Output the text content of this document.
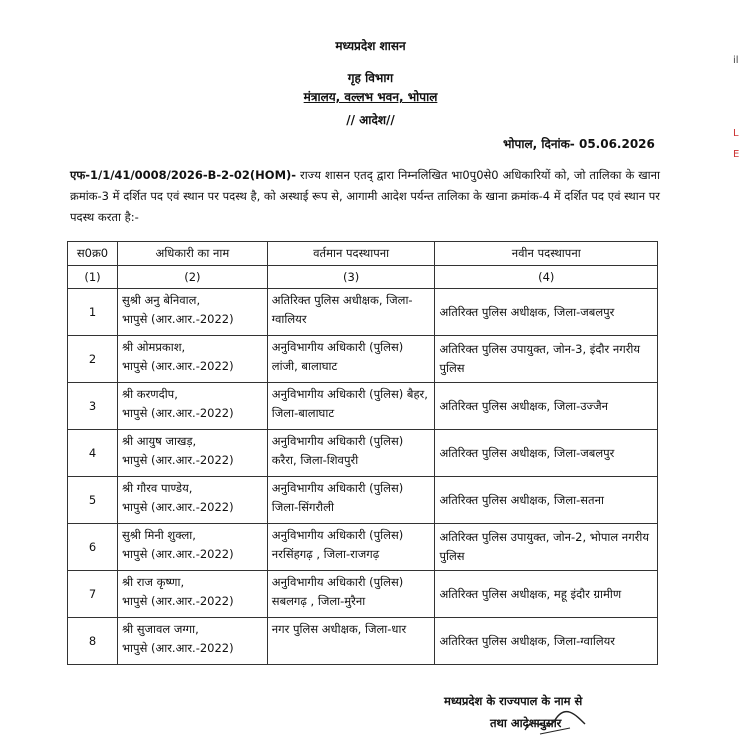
मध्यप्रदेश शासन
गृह विभाग
मंत्रालय, वल्लभ भवन, भोपाल
// आदेश//
भोपाल, दिनांक- 05.06.2026
il
L
E
एफ-1/1/41/0008/2026-B-2-02(HOM)- राज्य शासन एतद् द्वारा निम्नलिखित भा0पु0से0 अधिकारियों को, जो तालिका के खाना क्रमांक-3 में दर्शित पद एवं स्थान पर पदस्थ है, को अस्थाई रूप से, आगामी आदेश पर्यन्त तालिका के खाना क्रमांक-4 में दर्शित पद एवं स्थान पर पदस्थ करता है:-
स0क्र0	अधिकारी का नाम	वर्तमान पदस्थापना	नवीन पदस्थापना
(1)	(2)	(3)	(4)
1	सुश्री अनु बेनिवाल,
भापुसे (आर.आर.-2022)	अतिरिक्त पुलिस अधीक्षक, जिला-ग्वालियर	अतिरिक्त पुलिस अधीक्षक, जिला-जबलपुर
2	श्री ओमप्रकाश,
भापुसे (आर.आर.-2022)	अनुविभागीय अधिकारी (पुलिस) लांजी, बालाघाट	अतिरिक्त पुलिस उपायुक्त, जोन-3, इंदौर नगरीय पुलिस
3	श्री करणदीप,
भापुसे (आर.आर.-2022)	अनुविभागीय अधिकारी (पुलिस) बैहर, जिला-बालाघाट	अतिरिक्त पुलिस अधीक्षक, जिला-उज्जैन
4	श्री आयुष जाखड़,
भापुसे (आर.आर.-2022)	अनुविभागीय अधिकारी (पुलिस) करैरा, जिला-शिवपुरी	अतिरिक्त पुलिस अधीक्षक, जिला-जबलपुर
5	श्री गौरव पाण्डेय,
भापुसे (आर.आर.-2022)	अनुविभागीय अधिकारी (पुलिस) जिला-सिंगरौली	अतिरिक्त पुलिस अधीक्षक, जिला-सतना
6	सुश्री मिनी शुक्ला,
भापुसे (आर.आर.-2022)	अनुविभागीय अधिकारी (पुलिस) नरसिंहगढ़ , जिला-राजगढ़	अतिरिक्त पुलिस उपायुक्त, जोन-2, भोपाल नगरीय पुलिस
7	श्री राज कृष्णा,
भापुसे (आर.आर.-2022)	अनुविभागीय अधिकारी (पुलिस) सबलगढ़ , जिला-मुरैना	अतिरिक्त पुलिस अधीक्षक, महू इंदौर ग्रामीण
8	श्री सुजावल जग्गा,
भापुसे (आर.आर.-2022)	नगर पुलिस अधीक्षक, जिला-धार	अतिरिक्त पुलिस अधीक्षक, जिला-ग्वालियर
मध्यप्रदेश के राज्यपाल के नाम से
तथा आदेशानुसार
